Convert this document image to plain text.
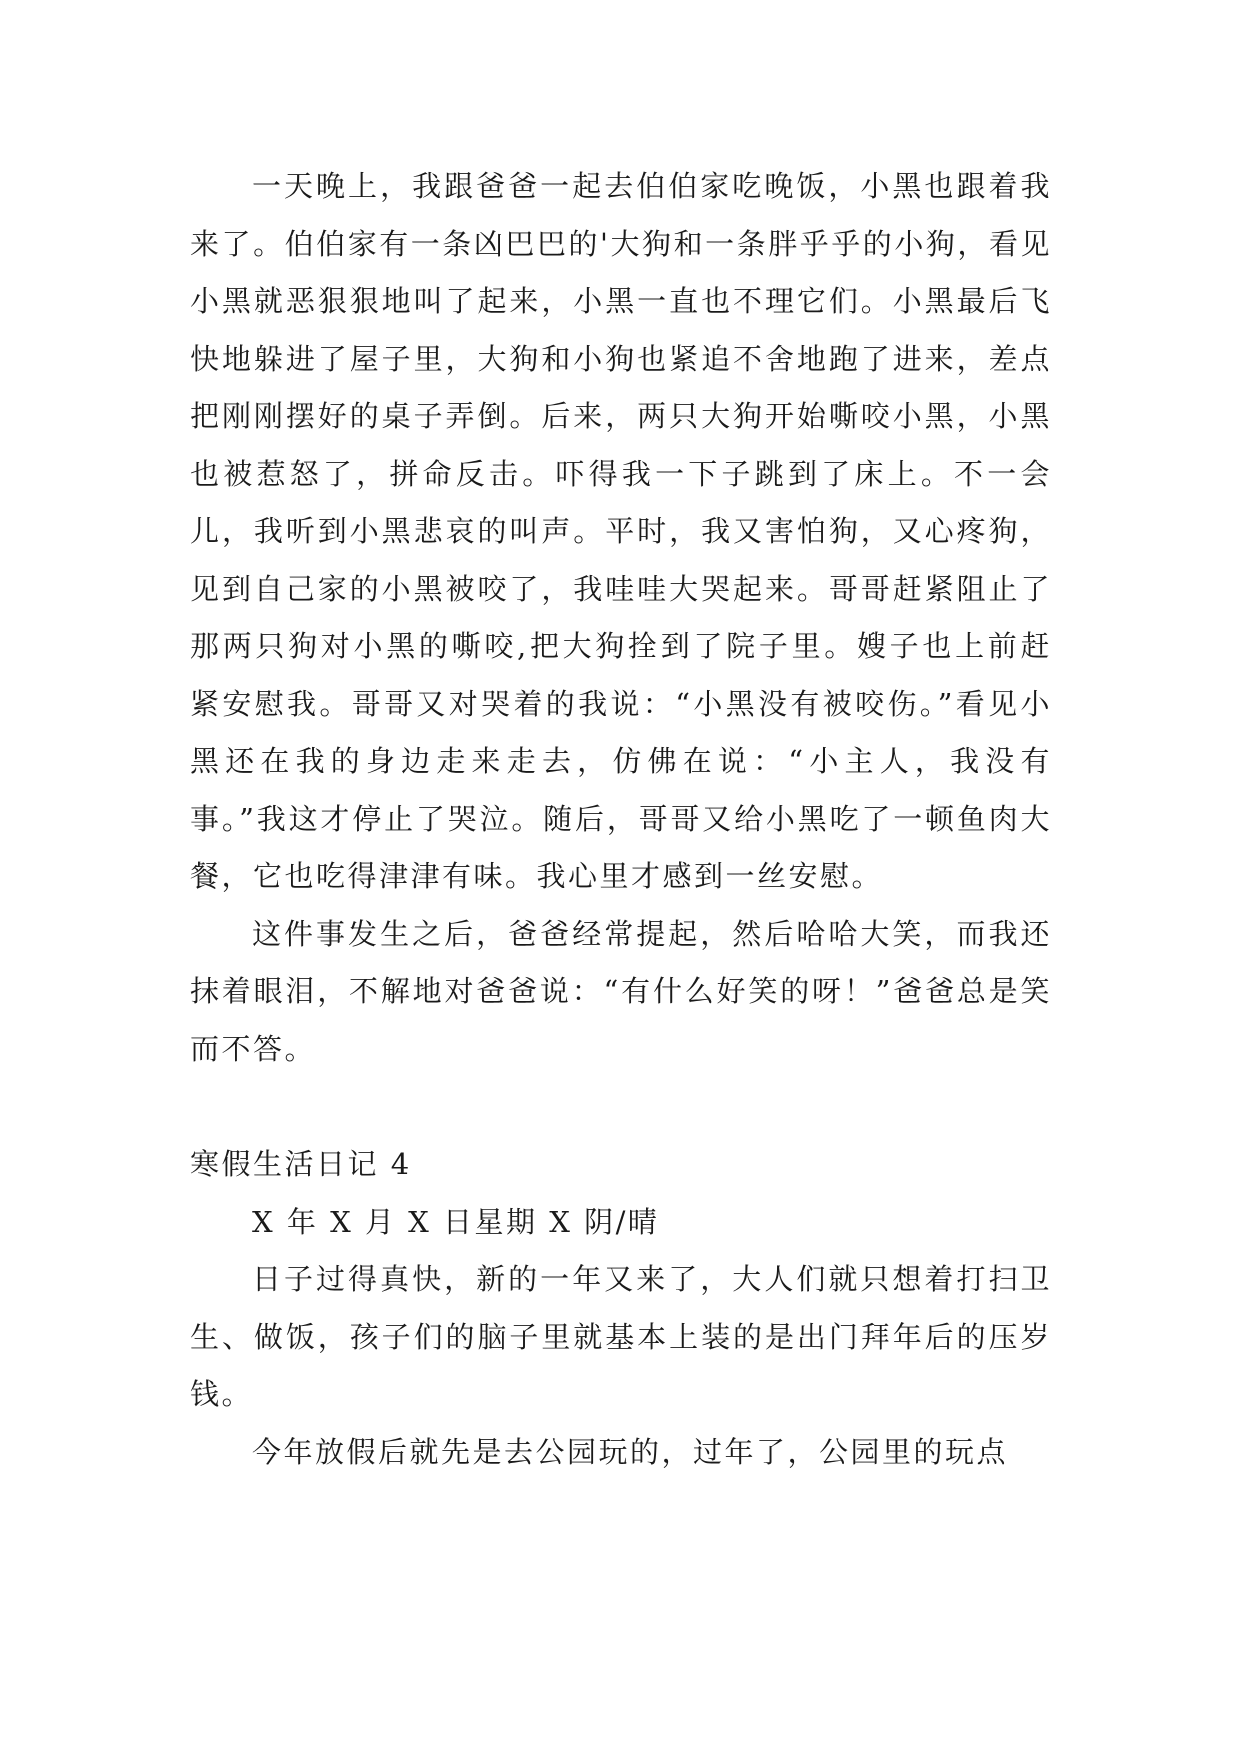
一天晚上，我跟爸爸一起去伯伯家吃晚饭，小黑也跟着我来了。伯伯家有一条凶巴巴的'大狗和一条胖乎乎的小狗，看见小黑就恶狠狠地叫了起来，小黑一直也不理它们。小黑最后飞快地躲进了屋子里，大狗和小狗也紧追不舍地跑了进来，差点把刚刚摆好的桌子弄倒。后来，两只大狗开始嘶咬小黑，小黑也被惹怒了，拼命反击。吓得我一下子跳到了床上。不一会儿，我听到小黑悲哀的叫声。平时，我又害怕狗，又心疼狗，见到自己家的小黑被咬了，我哇哇大哭起来。哥哥赶紧阻止了那两只狗对小黑的嘶咬,把大狗拴到了院子里。嫂子也上前赶紧安慰我。哥哥又对哭着的我说：“小黑没有被咬伤。”看见小黑还在我的身边走来走去，仿佛在说：“小主人，我没有事。”我这才停止了哭泣。随后，哥哥又给小黑吃了一顿鱼肉大餐，它也吃得津津有味。我心里才感到一丝安慰。

这件事发生之后，爸爸经常提起，然后哈哈大笑，而我还抹着眼泪，不解地对爸爸说：“有什么好笑的呀！”爸爸总是笑而不答。

寒假生活日记 4

X 年 X 月 X 日星期 X 阴/晴

日子过得真快，新的一年又来了，大人们就只想着打扫卫生、做饭，孩子们的脑子里就基本上装的是出门拜年后的压岁钱。

今年放假后就先是去公园玩的，过年了，公园里的玩点
